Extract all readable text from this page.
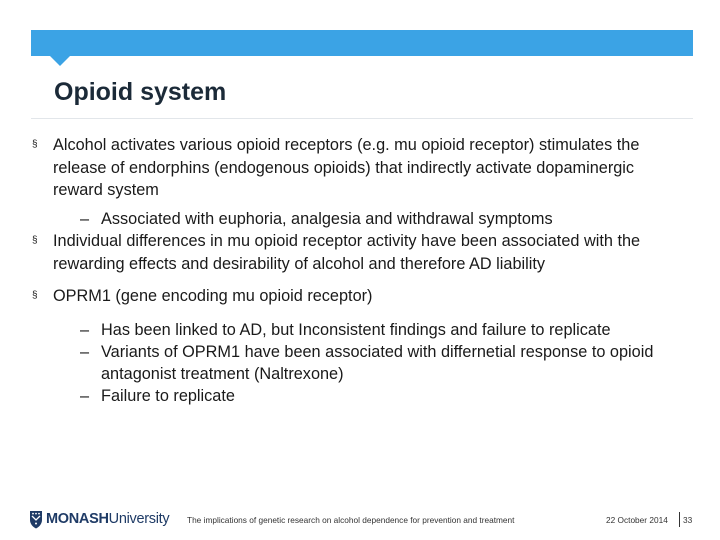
Opioid system
§ Alcohol activates various opioid receptors (e.g. mu opioid receptor) stimulates the release of endorphins (endogenous opioids) that indirectly activate dopaminergic reward system
– Associated with euphoria, analgesia and withdrawal symptoms
§ Individual differences in mu opioid receptor activity have been associated with the rewarding effects and desirability of alcohol and therefore AD liability
§ OPRM1 (gene encoding mu opioid receptor)
– Has been linked to AD, but Inconsistent findings and failure to replicate
– Variants of OPRM1 have been associated with differnetial response to opioid antagonist treatment (Naltrexone)
– Failure to replicate
MONASH University The implications of genetic research on alcohol dependence for prevention and treatment	22 October 2014 33
